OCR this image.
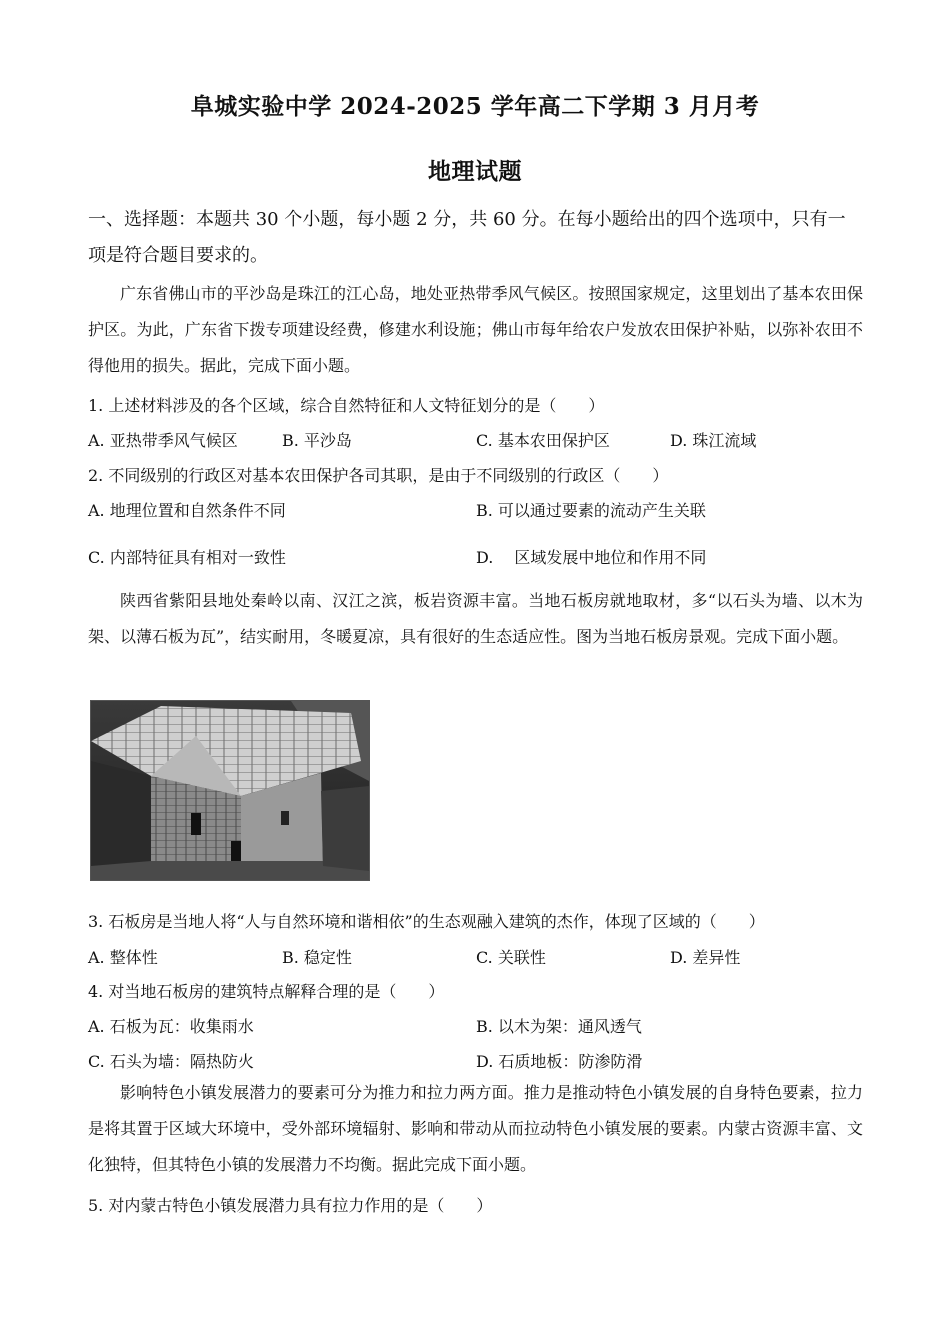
阜城实验中学 2024-2025 学年高二下学期 3 月月考
地理试题
一、选择题：本题共 30 个小题，每小题 2 分，共 60 分。在每小题给出的四个选项中，只有一项是符合题目要求的。
广东省佛山市的平沙岛是珠江的江心岛，地处亚热带季风气候区。按照国家规定，这里划出了基本农田保护区。为此，广东省下拨专项建设经费，修建水利设施；佛山市每年给农户发放农田保护补贴，以弥补农田不得他用的损失。据此，完成下面小题。
1. 上述材料涉及的各个区域，综合自然特征和人文特征划分的是（　　）
A. 亚热带季风气候区	B. 平沙岛	C. 基本农田保护区	D. 珠江流域
2. 不同级别的行政区对基本农田保护各司其职，是由于不同级别的行政区（　　）
A. 地理位置和自然条件不同	B. 可以通过要素的流动产生关联
C. 内部特征具有相对一致性	D.　 区域发展中地位和作用不同
陕西省紫阳县地处秦岭以南、汉江之滨，板岩资源丰富。当地石板房就地取材，多“以石头为墙、以木为架、以薄石板为瓦”，结实耐用，冬暖夏凉，具有很好的生态适应性。图为当地石板房景观。完成下面小题。
3. 石板房是当地人将“人与自然环境和谐相依”的生态观融入建筑的杰作，体现了区域的（　　）
A. 整体性	B. 稳定性	C. 关联性	D. 差异性
4. 对当地石板房的建筑特点解释合理的是（　　）
A. 石板为瓦：收集雨水	B. 以木为架：通风透气
C. 石头为墙：隔热防火	D. 石质地板：防渗防滑
影响特色小镇发展潜力的要素可分为推力和拉力两方面。推力是推动特色小镇发展的自身特色要素，拉力是将其置于区域大环境中，受外部环境辐射、影响和带动从而拉动特色小镇发展的要素。内蒙古资源丰富、文化独特，但其特色小镇的发展潜力不均衡。据此完成下面小题。
5. 对内蒙古特色小镇发展潜力具有拉力作用的是（　　）
